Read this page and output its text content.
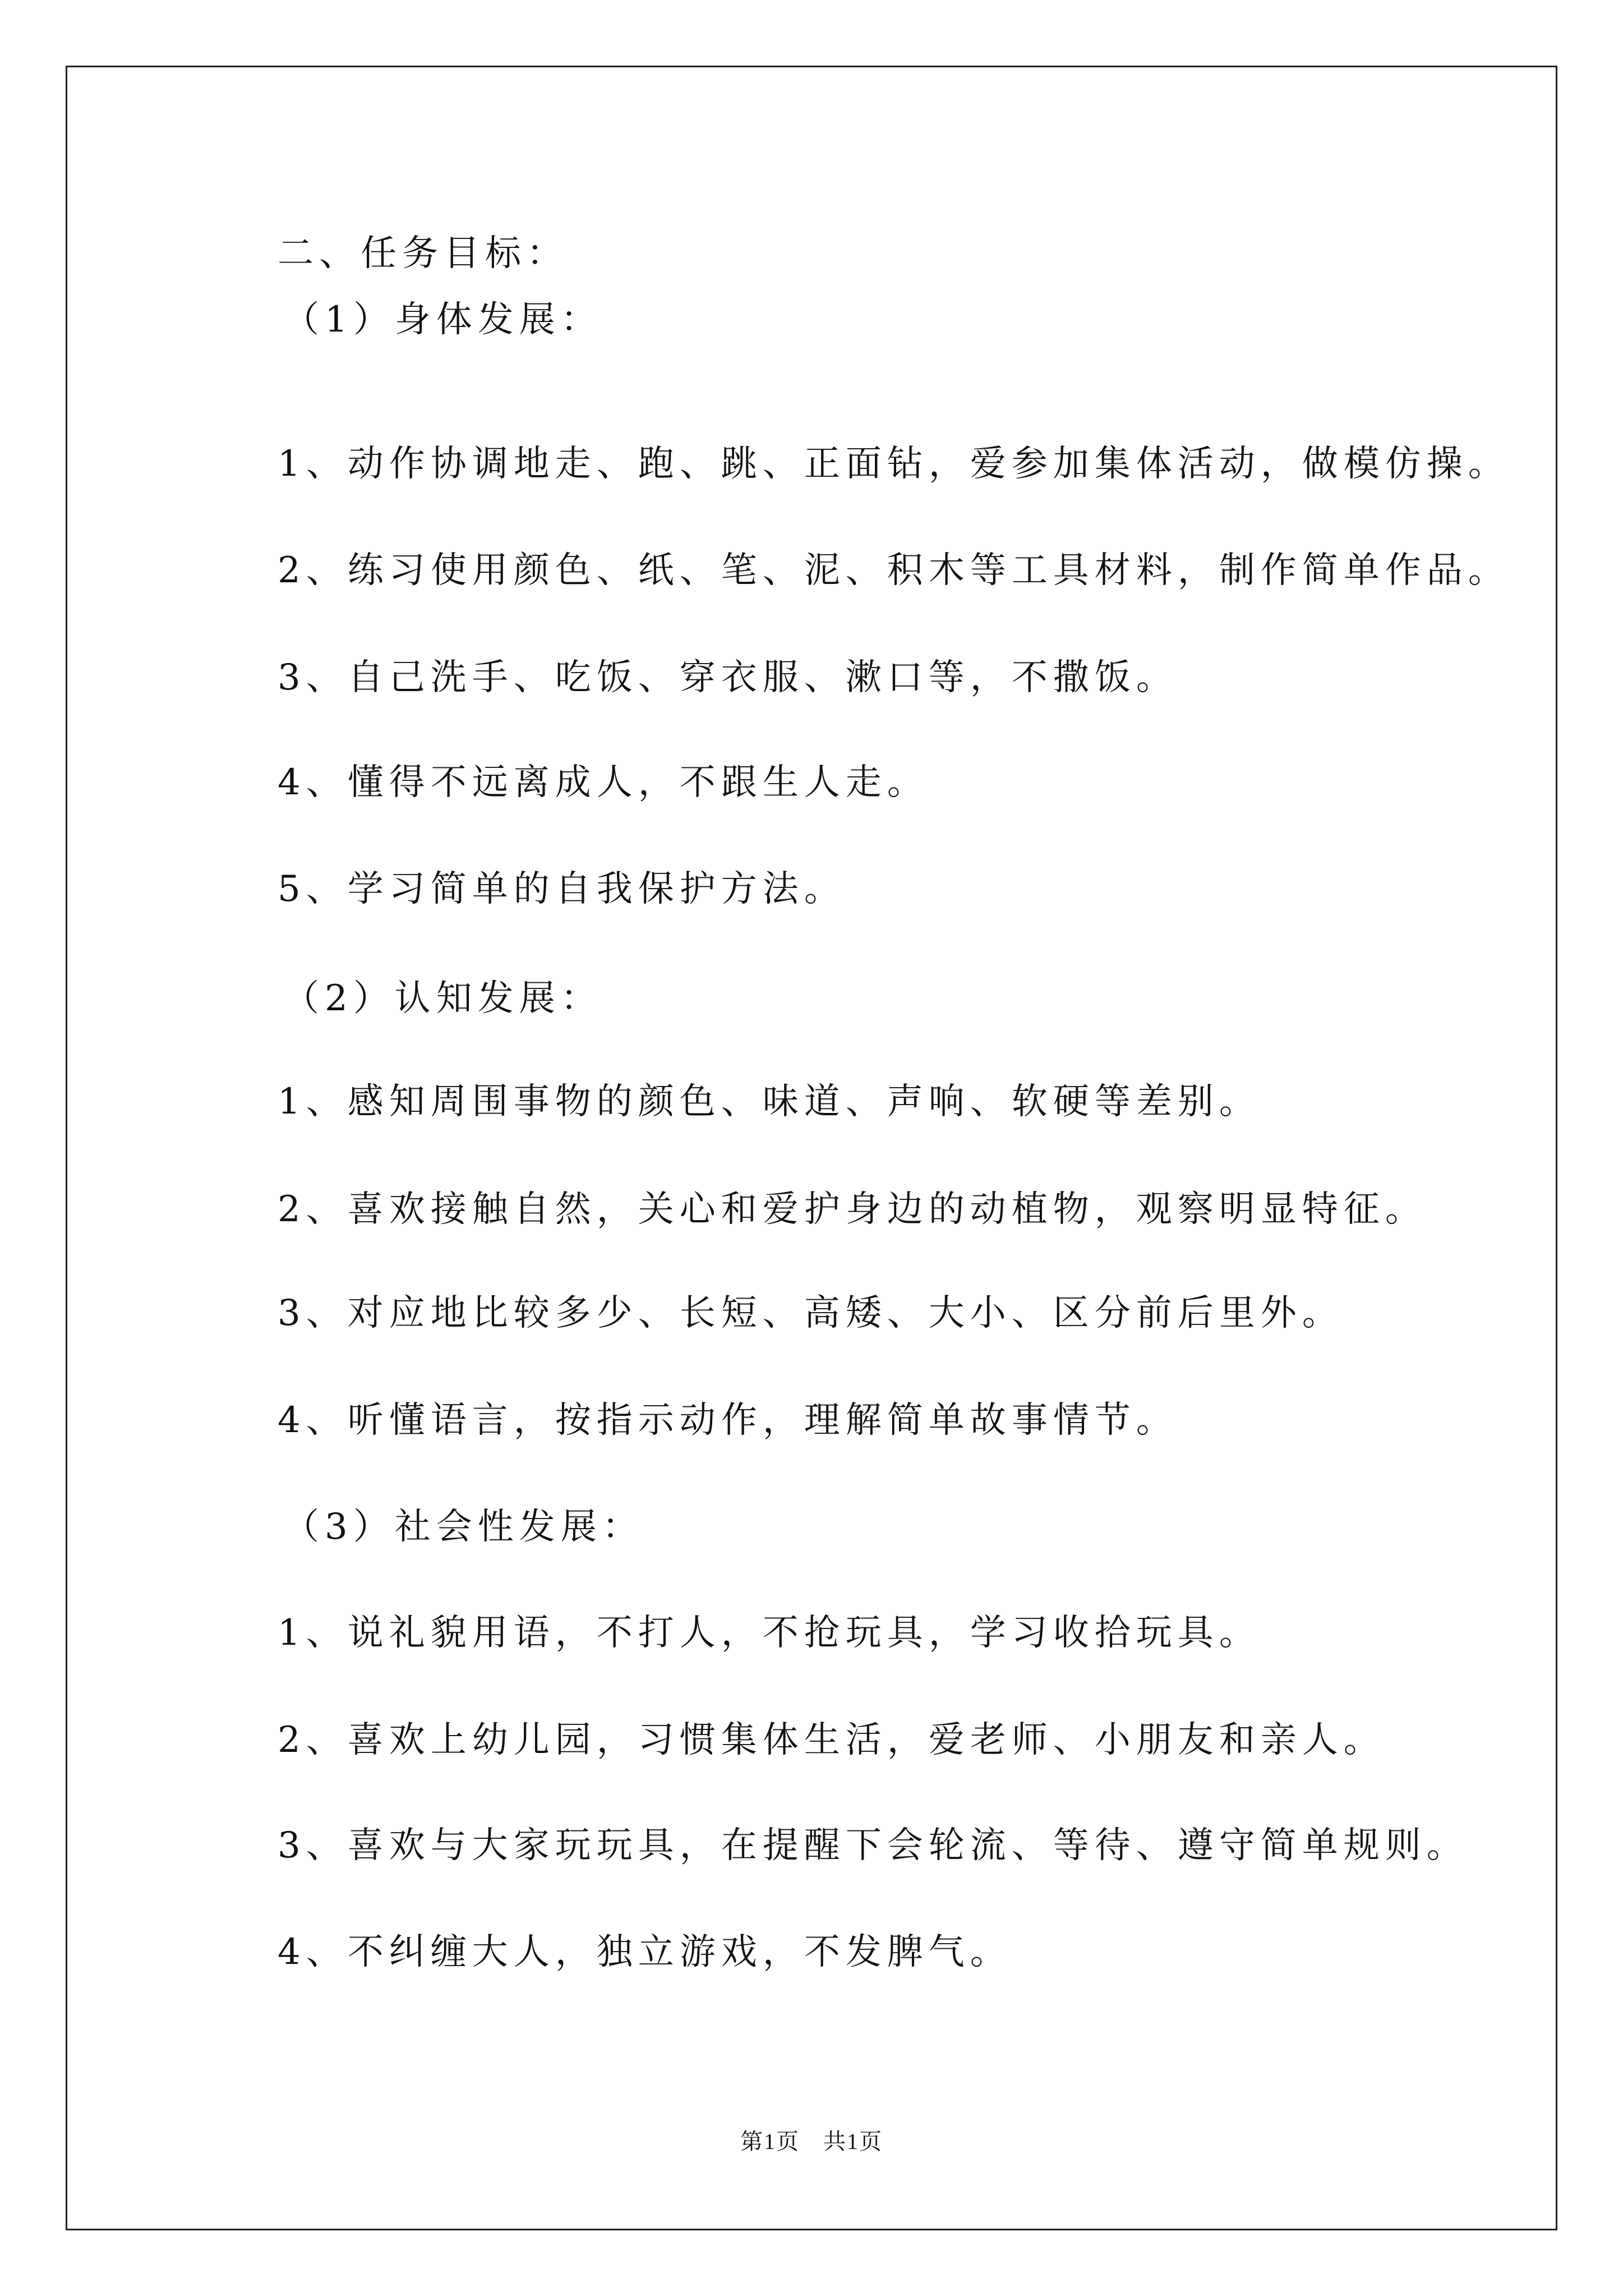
二、任务目标：
（1）身体发展：
1、动作协调地走、跑、跳、正面钻，爱参加集体活动，做模仿操。
2、练习使用颜色、纸、笔、泥、积木等工具材料，制作简单作品。
3、自己洗手、吃饭、穿衣服、漱口等，不撒饭。
4、懂得不远离成人，不跟生人走。
5、学习简单的自我保护方法。
（2）认知发展：
1、感知周围事物的颜色、味道、声响、软硬等差别。
2、喜欢接触自然，关心和爱护身边的动植物，观察明显特征。
3、对应地比较多少、长短、高矮、大小、区分前后里外。
4、听懂语言，按指示动作，理解简单故事情节。
（3）社会性发展：
1、说礼貌用语，不打人，不抢玩具，学习收拾玩具。
2、喜欢上幼儿园，习惯集体生活，爱老师、小朋友和亲人。
3、喜欢与大家玩玩具，在提醒下会轮流、等待、遵守简单规则。
4、不纠缠大人，独立游戏，不发脾气。
第1页　共1页
